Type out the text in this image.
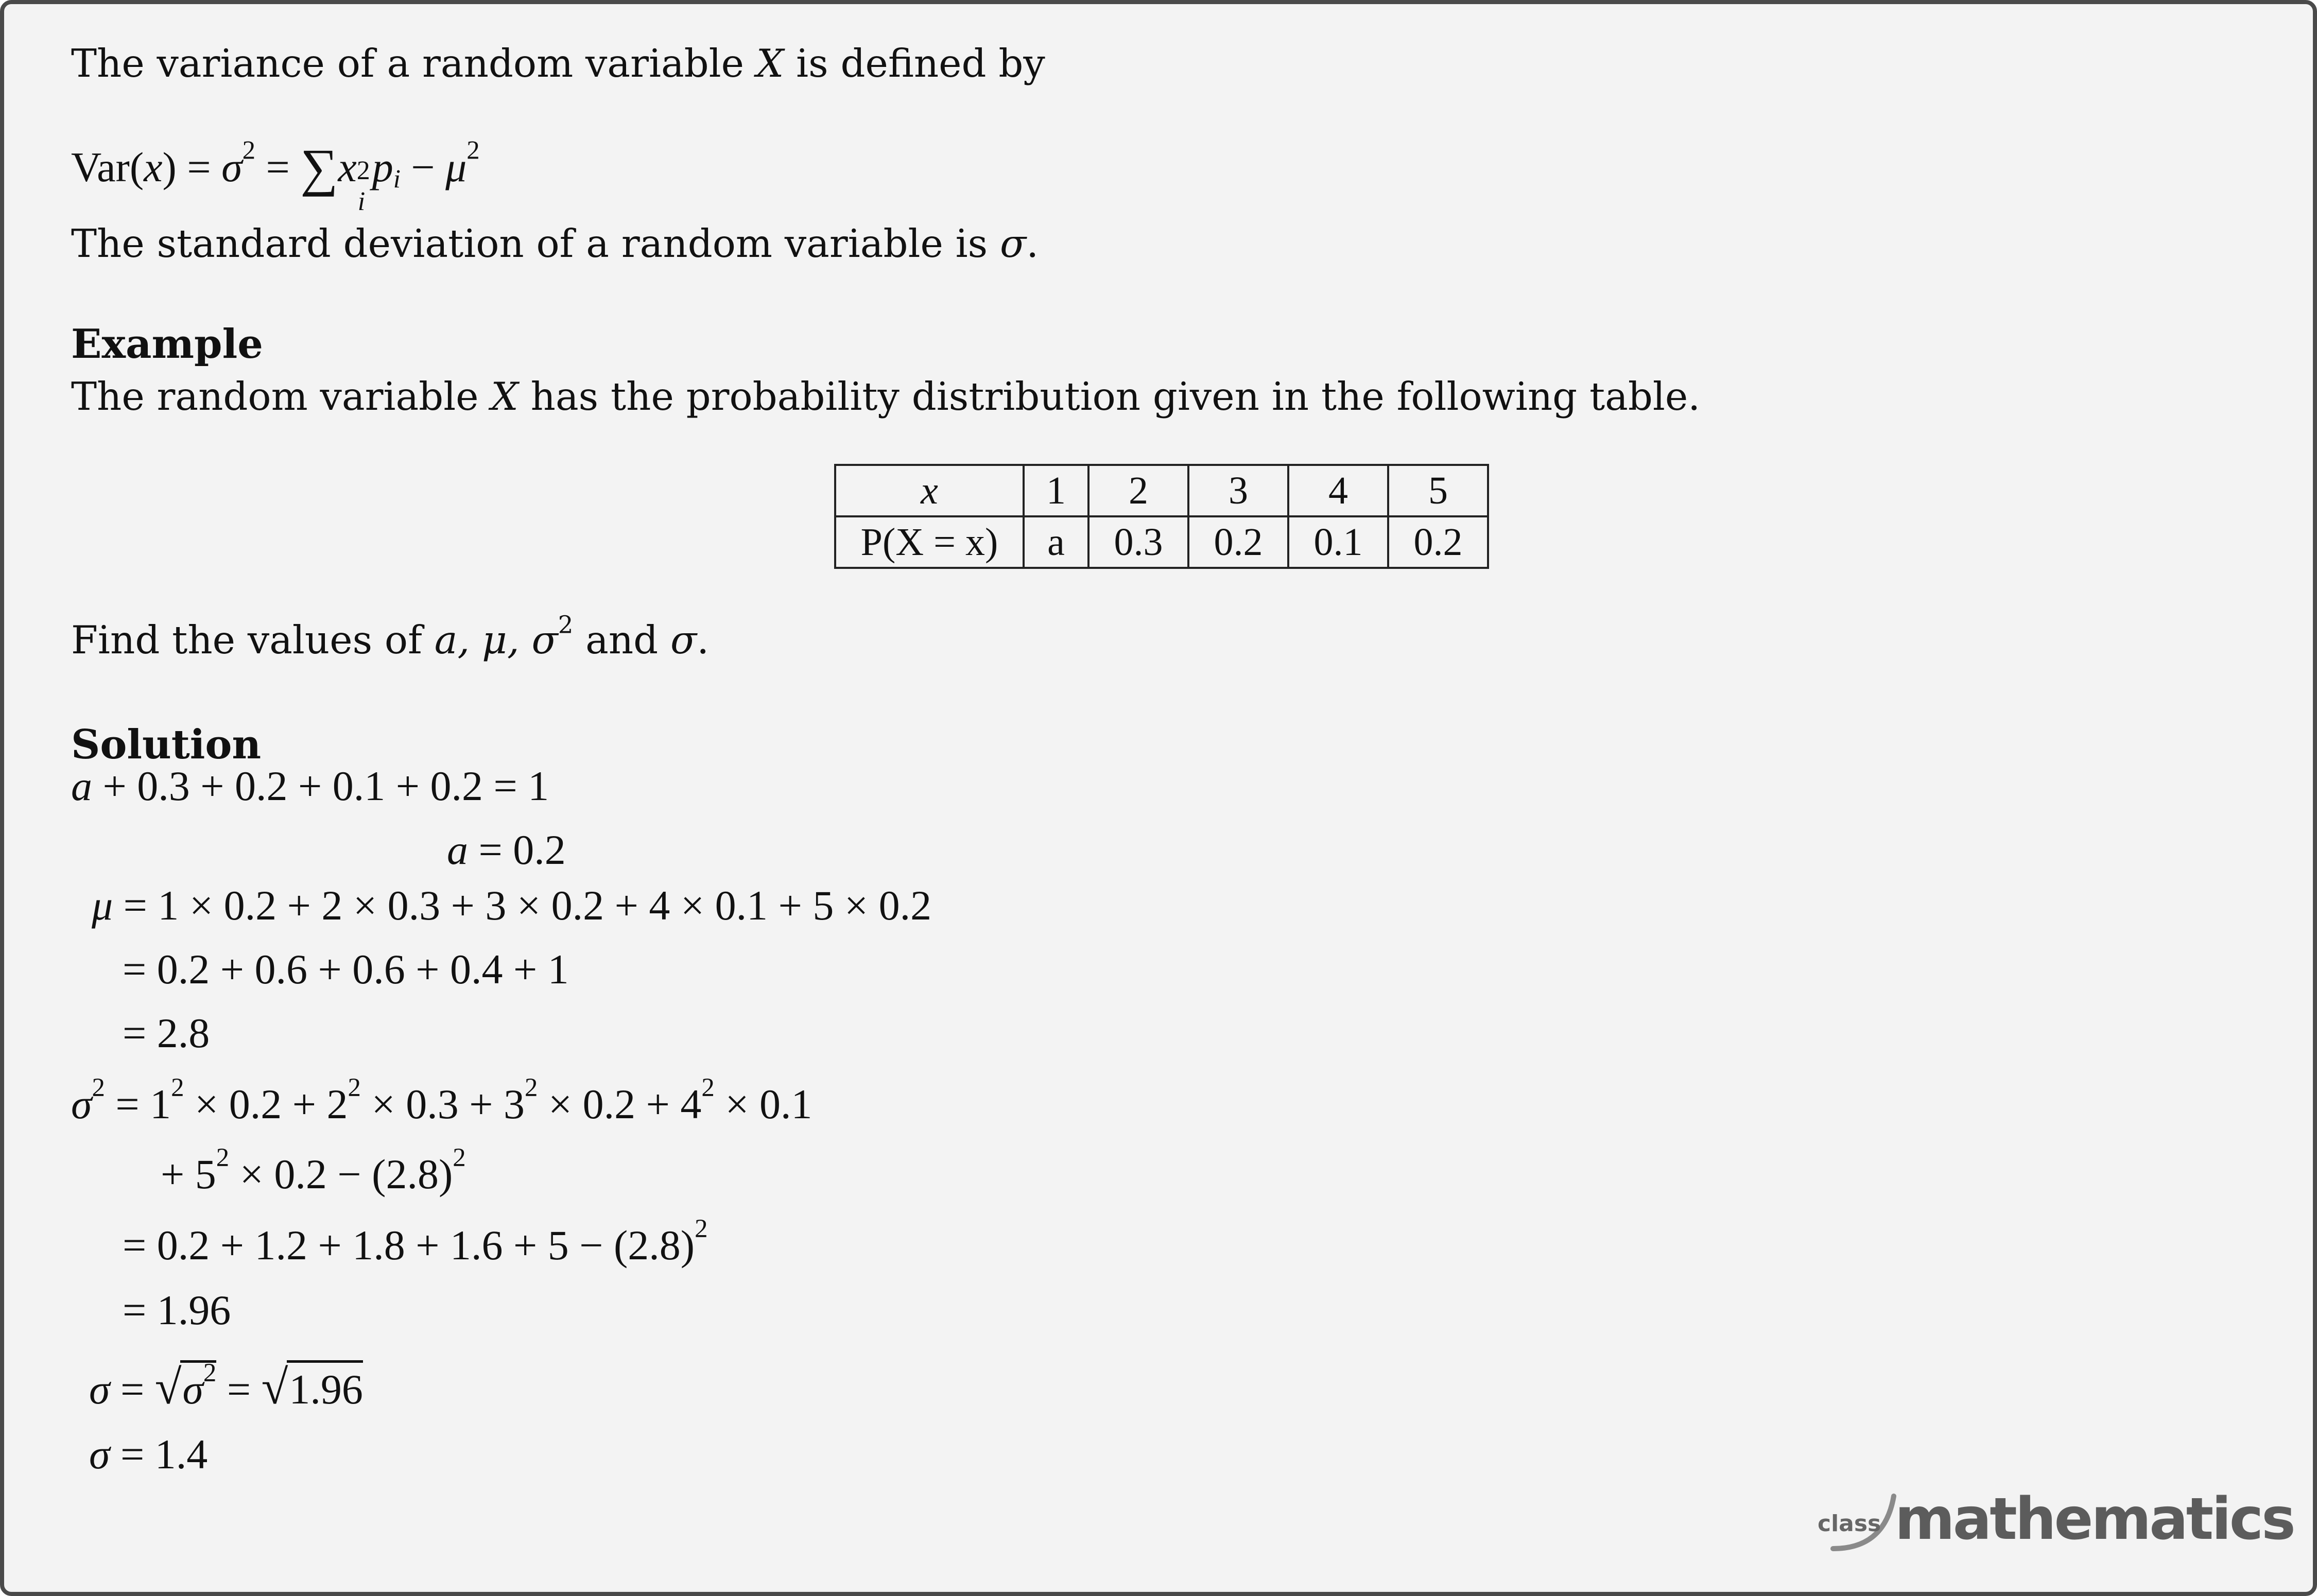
The variance of a random variable X is defined by
$Var(x) = \sigma^2 = \sum x$ 2
i
$p_i - \mu^2$
The standard deviation of a random variable is σ.
Example
The random variable X has the probability distribution given in the following table.
x	1	2	3	4	5
P(X = x)	a	0.3	0.2	0.1	0.2
Find the values of a, μ, $\sigma^2$ and σ.
Solution
a + 0.3 + 0.2 + 0.1 + 0.2 = 1
a = 0.2
μ = 1 × 0.2 + 2 × 0.3 + 3 × 0.2 + 4 × 0.1 + 5 × 0.2
= 0.2 + 0.6 + 0.6 + 0.4 + 1
= 2.8
$\sigma^2 = 1^2 \times 0.2 + 2^2 \times 0.3 + 3^2 \times 0.2 + 4^2 \times 0.1$
+ $5^2 \times 0.2 - (2.8)^2$
= $0.2 + 1.2 + 1.8 + 1.6 + 5 - (2.8)^2$
= 1.96
$\sigma = √\sigma^2 = √1.96$
σ = 1.4
class mathematics
